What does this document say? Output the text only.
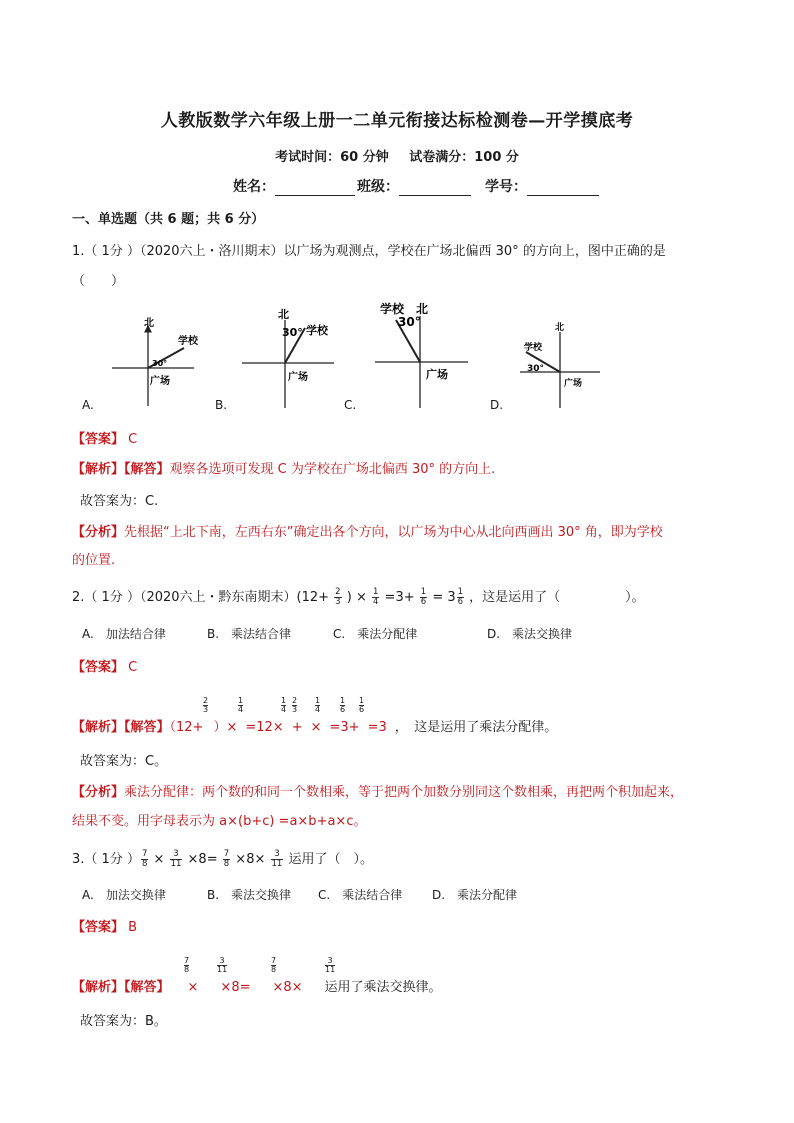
人教版数学六年级上册一二单元衔接达标检测卷—开学摸底考
考试时间：60 分钟 试卷满分：100 分
姓名：	班级：	学号：
一、单选题（共 6 题；共 6 分）
1.（ 1分 ）（2020六上・洛川期末）以广场为观测点，学校在广场北偏西 30° 的方向上，图中正确的是
（　　）
北
学校
广场
30°
北
学校
30°
广场
学校 北
30°
广场
北
学校
30°
广场
A.	B.	C.	D.
【答案】 C
【解析】【解答】观察各选项可发现 C 为学校在广场北偏西 30° 的方向上.
故答案为：C.
【分析】先根据“上北下南，左西右东”确定出各个方向，以广场为中心从北向西画出 30° 角，即为学校
的位置.
2.（ 1分 ）（2020六上・黔东南期末）($12+ \frac{2}{3}$ ) × $\frac{1}{4} =3+ \frac{1}{6} = 3 \frac{1}{6}$ ，这是运用了（　　　　　）。
A.　加法结合律	B.　乘法结合律	C.　乘法分配律	D.　乘法交换律
【答案】 C
【解析】【解答】（12+ ）× =12× + × =3+ =3 ，　这是运用了乘法分配律。
$\frac{2}{3}$	$\frac{1}{4}$	$\frac{1}{4} \frac{2}{3} \frac{1}{4} \frac{1}{6} \frac{1}{6}$
故答案为：C。
【分析】乘法分配律：两个数的和同一个数相乘，等于把两个加数分别同这个数相乘，再把两个积加起来，
结果不变。用字母表示为 a×(b+c) =a×b+a×c。
3.（ 1分 ） $\frac{7}{8} \times \frac{3}{11} \times 8= \frac{7}{8} \times 8\times \frac{3}{11}$ 运用了（　）。
A.　加法交换律	B.　乘法交换律 C.　乘法结合律 D.　乘法分配律
【答案】 B
【解析】【解答】 × ×8= ×8× 运用了乘法交换律。
$\frac{7}{8}$	$\frac{3}{11}$	$\frac{7}{8}$	$\frac{3}{11}$
故答案为：B。
